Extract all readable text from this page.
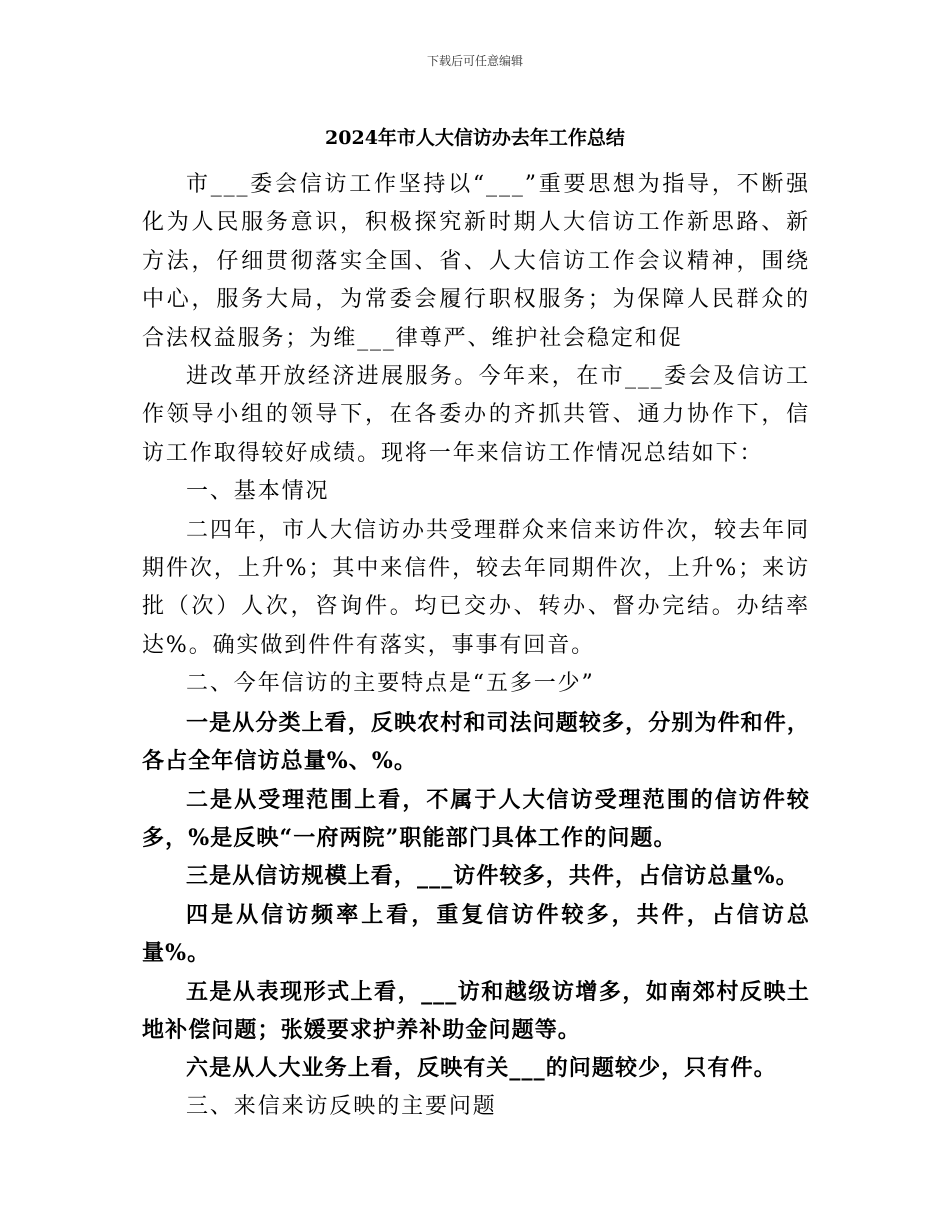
下载后可任意编辑
2024年市人大信访办去年工作总结

市___委会信访工作坚持以“___”重要思想为指导，不断强化为人民服务意识，积极探究新时期人大信访工作新思路、新方法，仔细贯彻落实全国、省、人大信访工作会议精神，围绕中心，服务大局，为常委会履行职权服务；为保障人民群众的合法权益服务；为维___律尊严、维护社会稳定和促

进改革开放经济进展服务。今年来，在市___委会及信访工作领导小组的领导下，在各委办的齐抓共管、通力协作下，信访工作取得较好成绩。现将一年来信访工作情况总结如下：

一、基本情况

二四年，市人大信访办共受理群众来信来访件次，较去年同期件次，上升%；其中来信件，较去年同期件次，上升%；来访批（次）人次，咨询件。均已交办、转办、督办完结。办结率达%。确实做到件件有落实，事事有回音。

二、今年信访的主要特点是“五多一少”

一是从分类上看，反映农村和司法问题较多，分别为件和件，各占全年信访总量%、%。

二是从受理范围上看，不属于人大信访受理范围的信访件较多，%是反映“一府两院”职能部门具体工作的问题。

三是从信访规模上看，___访件较多，共件，占信访总量%。

四是从信访频率上看，重复信访件较多，共件，占信访总量%。

五是从表现形式上看，___访和越级访增多，如南郊村反映土地补偿问题；张媛要求护养补助金问题等。

六是从人大业务上看，反映有关___的问题较少，只有件。

三、来信来访反映的主要问题
